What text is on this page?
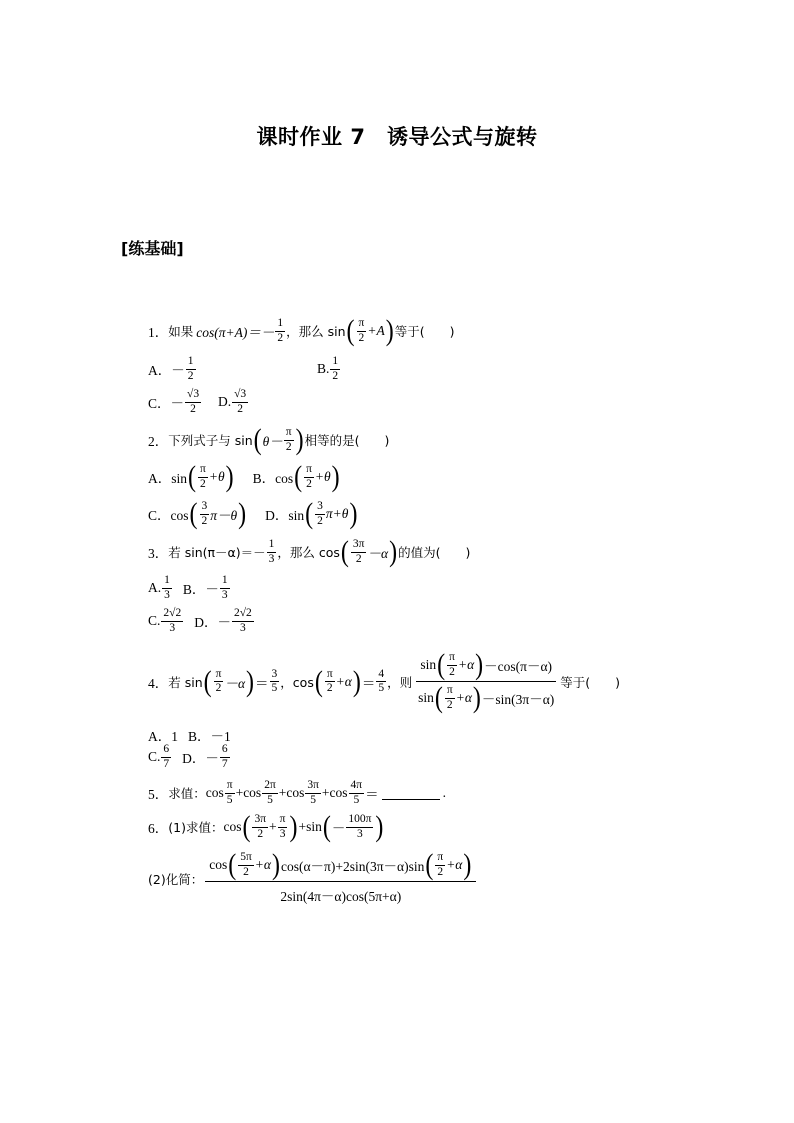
课时作业 7　诱导公式与旋转
[练基础]
1． 如果 $\cos(\pi+A)=- \frac{1}{2}$ ，那么 sin ( $\frac{\pi}{2} +A$ ) 等于(　　)
A．－ $\frac{1}{2}$	B. $\frac{1}{2}$
C．－ $\frac{√3}{2} D$. $\frac{√3}{2}$
2． 下列式子与 sin ( $\theta- \frac{\pi}{2}$ ) 相等的是(　　)
A．sin ( $\frac{\pi}{2} +\theta$ ) B．cos ( $\frac{\pi}{2} +\theta$ )
C．cos ( $\frac{3}{2} \pi-\theta$ ) D．sin ( $\frac{3}{2} \pi+\theta$ )
3． 若 $\sin(\pi-\alpha)=- \frac{1}{3}$ ，那么 cos ( $\frac{3\pi}{2} -\alpha$ ) 的值为(　　)
A. $\frac{1}{3}$ B．－ $\frac{1}{3}$
C. $\frac{2√2}{3}$ D．－ $\frac{2√2}{3}$
4． 若 sin ( $\frac{\pi}{2} -\alpha$ ) ＝ $\frac{3}{5}$ ，cos ( $\frac{\pi}{2} +\alpha$ ) ＝ $\frac{4}{5}$ ，则
sin ( $\frac{\pi}{2} +\alpha$ ) －cos(π－α)
sin ( $\frac{\pi}{2} +\alpha$ ) －sin(3π－α)
等于(　　)
A．1 B．－1
C. $\frac{6}{7}$ D．－ $\frac{6}{7}$
5． 求值： $\cos \frac{\pi}{5} +\cos \frac{2\pi}{5} +\cos \frac{3\pi}{5} +\cos \frac{4\pi}{5}$ ＝	.
6． (1)求值： cos ( $\frac{3\pi}{2} + \frac{\pi}{3}$ ) +sin ( － $\frac{100\pi}{3}$ )
(2)化简：
cos ( $\frac{5\pi}{2} +\alpha$ ) cos(α－π)+2sin(3π－α)sin ( $\frac{\pi}{2} +\alpha$ )
2sin(4π－α)cos(5π+α)
